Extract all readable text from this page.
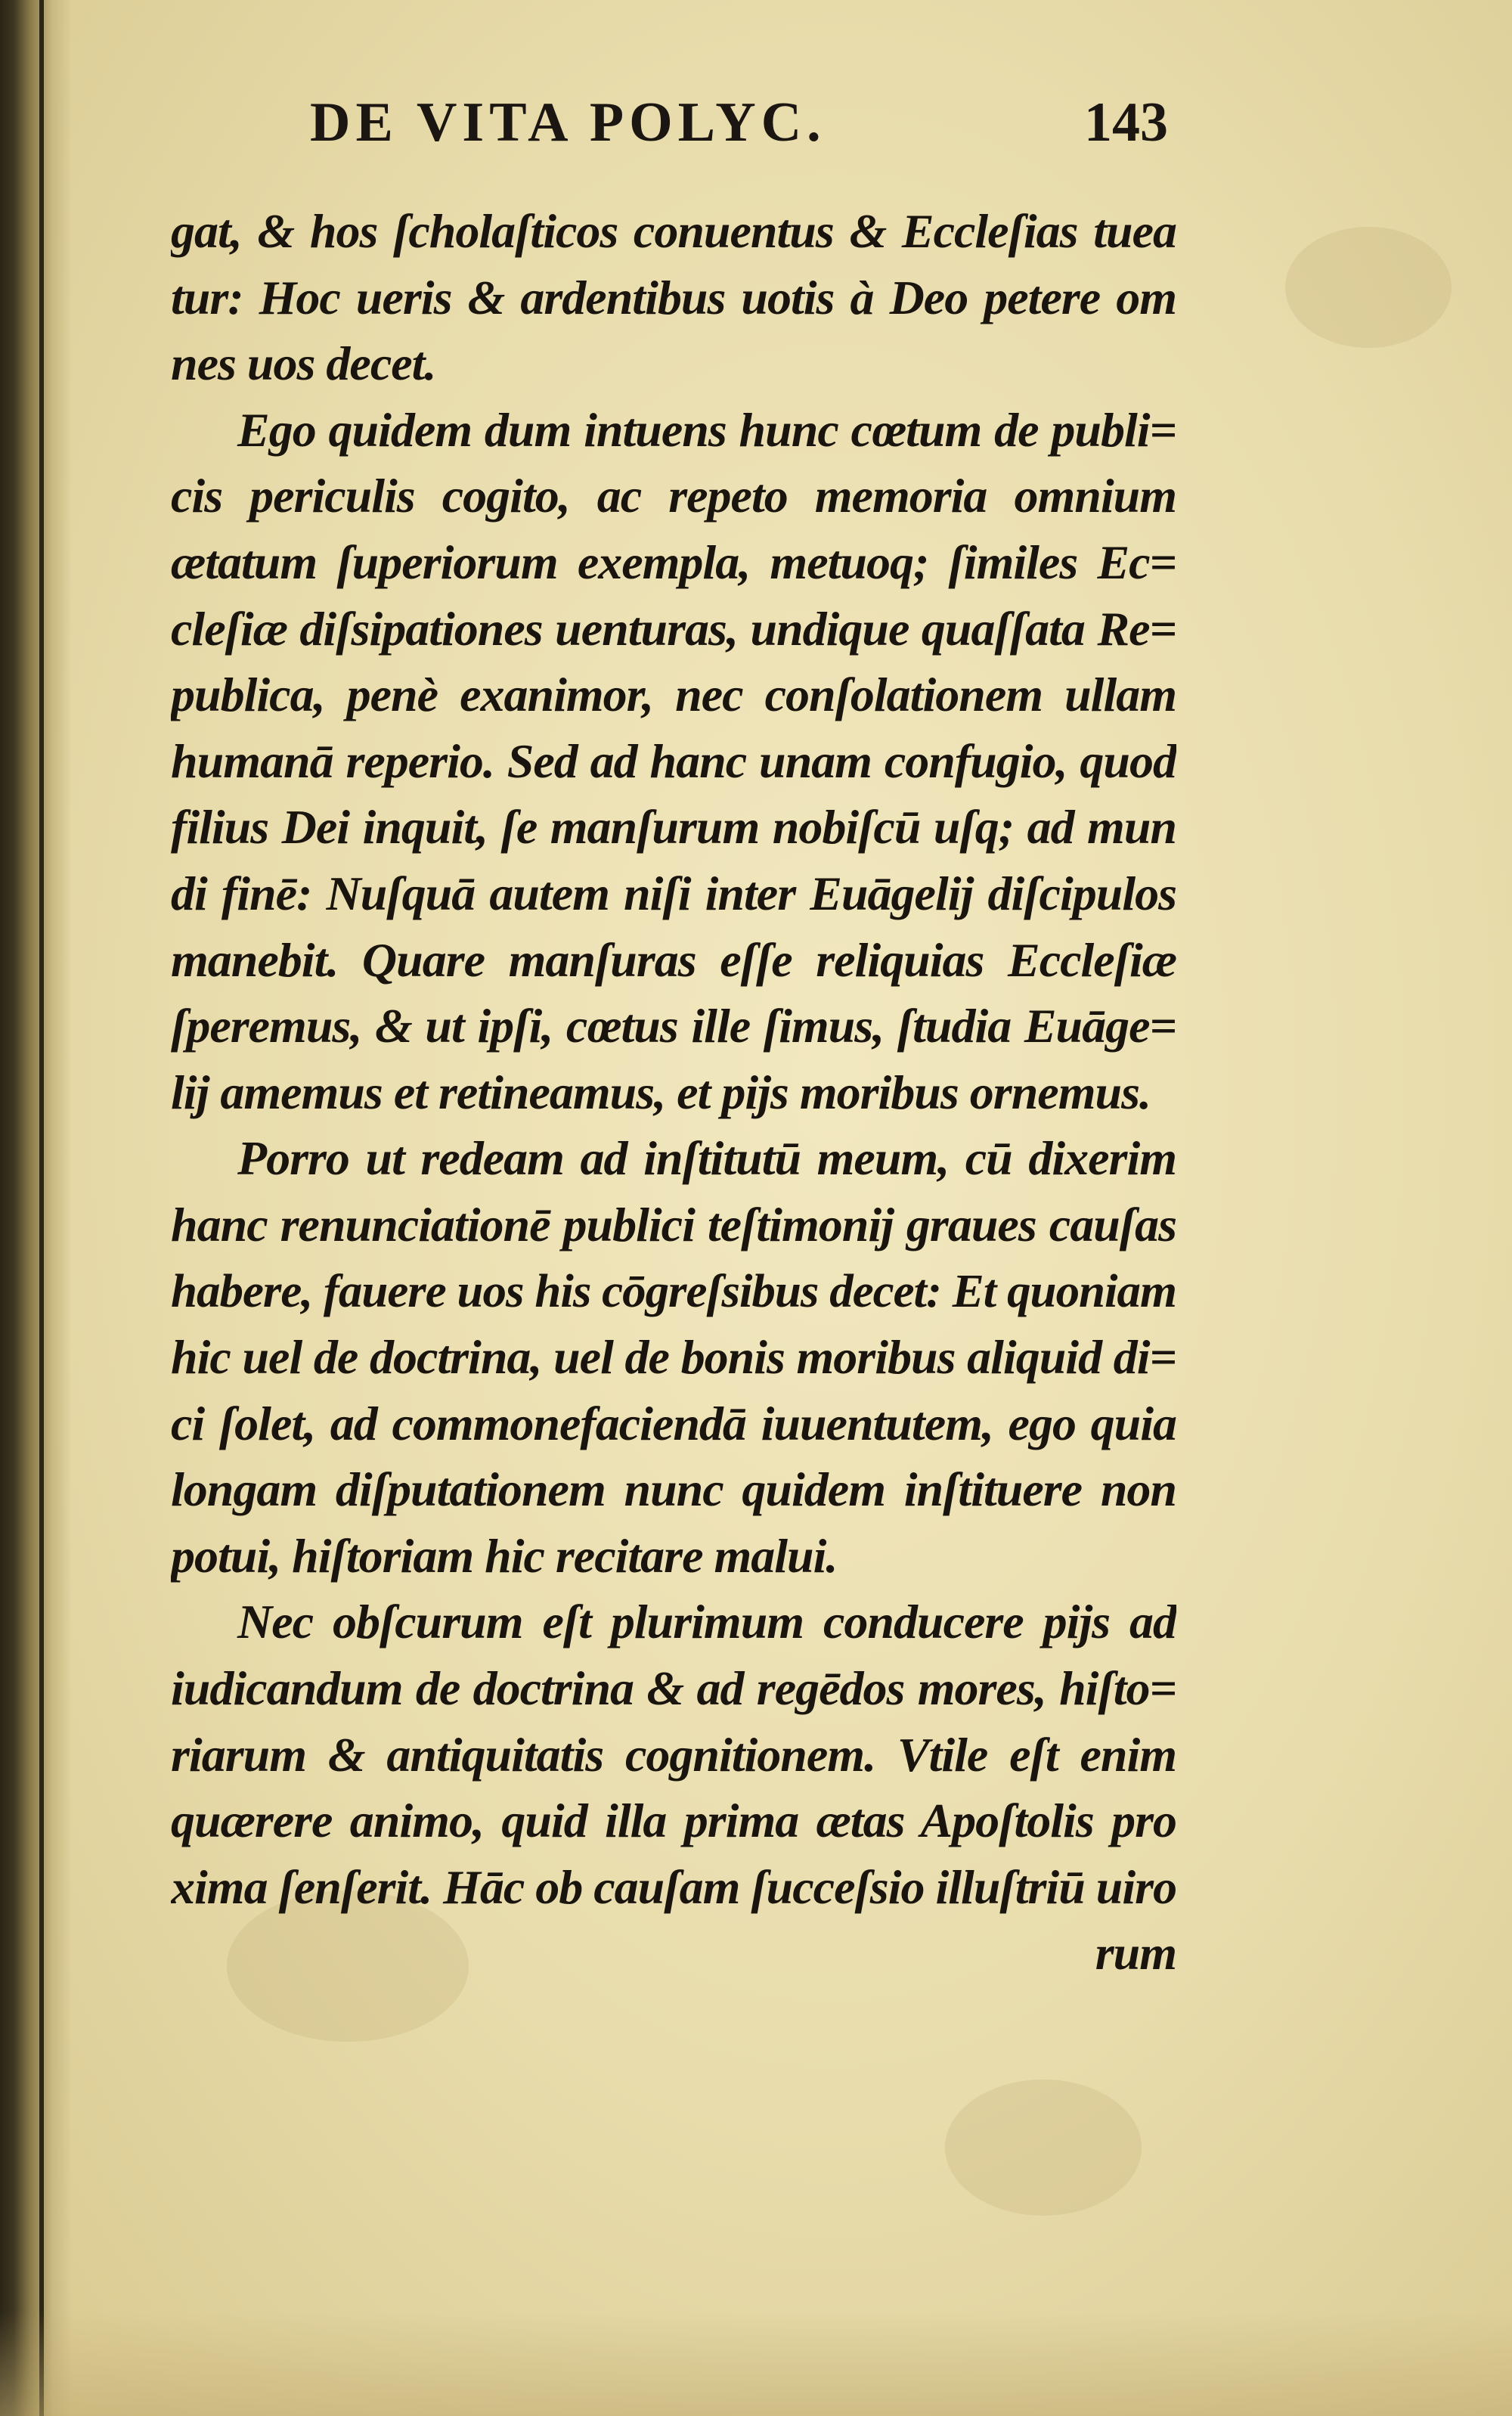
DE VITA POLYC.	143
gat, & hos ſcholaſticos conuentus & Eccleſias tuea
tur: Hoc ueris & ardentibus uotis à Deo petere om
nes uos decet.
Ego quidem dum intuens hunc cœtum de publi=
cis periculis cogito, ac repeto memoria omnium
ætatum ſuperiorum exempla, metuoq; ſimiles Ec=
cleſiæ diſsipationes uenturas, undique quaſſata Re=
publica, penè exanimor, nec conſolationem ullam
humanā reperio. Sed ad hanc unam confugio, quod
filius Dei inquit, ſe manſurum nobiſcū uſq; ad mun
di finē: Nuſquā autem niſi inter Euāgelij diſcipulos
manebit. Quare manſuras eſſe reliquias Eccleſiæ
ſperemus, & ut ipſi, cœtus ille ſimus, ſtudia Euāge=
lij amemus et retineamus, et pijs moribus ornemus.
Porro ut redeam ad inſtitutū meum, cū dixerim
hanc renunciationē publici teſtimonij graues cauſas
habere, fauere uos his cōgreſsibus decet: Et quoniam
hic uel de doctrina, uel de bonis moribus aliquid di=
ci ſolet, ad commonefaciendā iuuentutem, ego quia
longam diſputationem nunc quidem inſtituere non
potui, hiſtoriam hic recitare malui.
Nec obſcurum eſt plurimum conducere pijs ad
iudicandum de doctrina & ad regēdos mores, hiſto=
riarum & antiquitatis cognitionem. Vtile eſt enim
quærere animo, quid illa prima ætas Apoſtolis pro
xima ſenſerit. Hāc ob cauſam ſucceſsio illuſtriū uiro
rum
